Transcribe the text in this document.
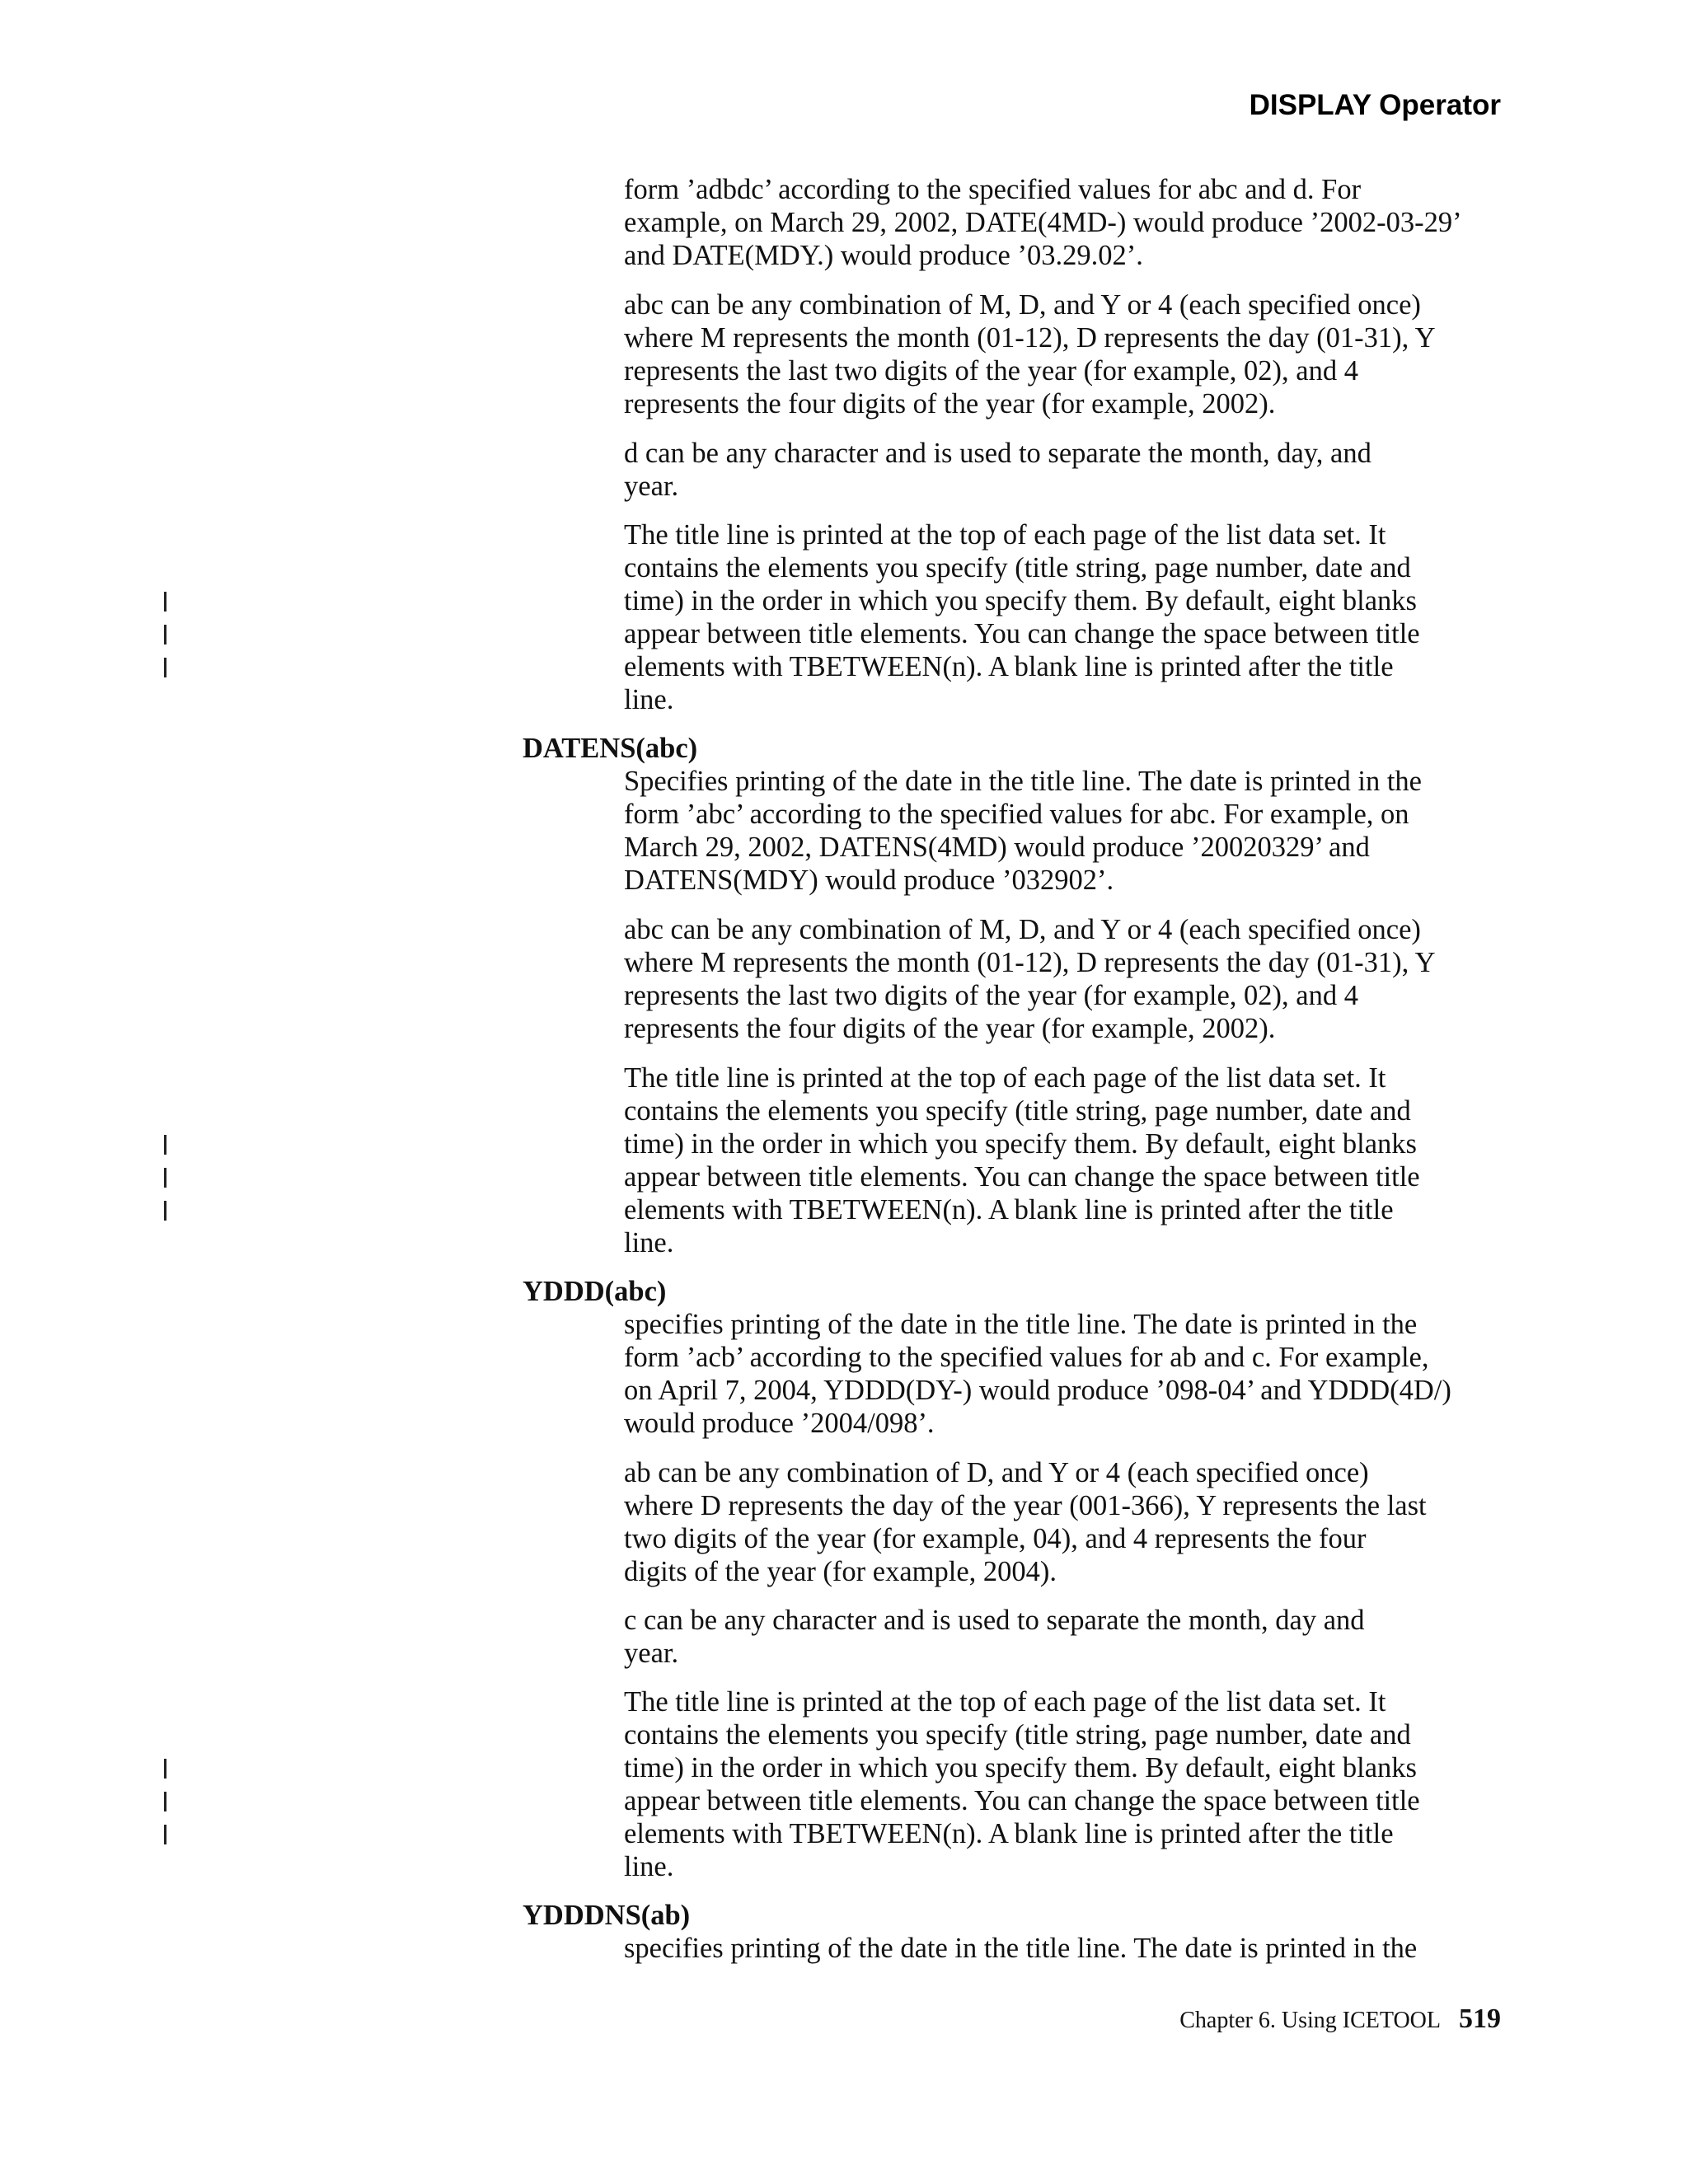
DISPLAY Operator
form ’adbdc’ according to the specified values for abc and d. For
example, on March 29, 2002, DATE(4MD-) would produce ’2002-03-29’
and DATE(MDY.) would produce ’03.29.02’.
abc can be any combination of M, D, and Y or 4 (each specified once)
where M represents the month (01-12), D represents the day (01-31), Y
represents the last two digits of the year (for example, 02), and 4
represents the four digits of the year (for example, 2002).
d can be any character and is used to separate the month, day, and
year.
The title line is printed at the top of each page of the list data set. It
contains the elements you specify (title string, page number, date and
time) in the order in which you specify them. By default, eight blanks
appear between title elements. You can change the space between title
elements with TBETWEEN(n). A blank line is printed after the title
line.
DATENS(abc)
Specifies printing of the date in the title line. The date is printed in the
form ’abc’ according to the specified values for abc. For example, on
March 29, 2002, DATENS(4MD) would produce ’20020329’ and
DATENS(MDY) would produce ’032902’.
abc can be any combination of M, D, and Y or 4 (each specified once)
where M represents the month (01-12), D represents the day (01-31), Y
represents the last two digits of the year (for example, 02), and 4
represents the four digits of the year (for example, 2002).
The title line is printed at the top of each page of the list data set. It
contains the elements you specify (title string, page number, date and
time) in the order in which you specify them. By default, eight blanks
appear between title elements. You can change the space between title
elements with TBETWEEN(n). A blank line is printed after the title
line.
YDDD(abc)
specifies printing of the date in the title line. The date is printed in the
form ’acb’ according to the specified values for ab and c. For example,
on April 7, 2004, YDDD(DY-) would produce ’098-04’ and YDDD(4D/)
would produce ’2004/098’.
ab can be any combination of D, and Y or 4 (each specified once)
where D represents the day of the year (001-366), Y represents the last
two digits of the year (for example, 04), and 4 represents the four
digits of the year (for example, 2004).
c can be any character and is used to separate the month, day and
year.
The title line is printed at the top of each page of the list data set. It
contains the elements you specify (title string, page number, date and
time) in the order in which you specify them. By default, eight blanks
appear between title elements. You can change the space between title
elements with TBETWEEN(n). A blank line is printed after the title
line.
YDDDNS(ab)
specifies printing of the date in the title line. The date is printed in the
Chapter 6. Using ICETOOL 519
